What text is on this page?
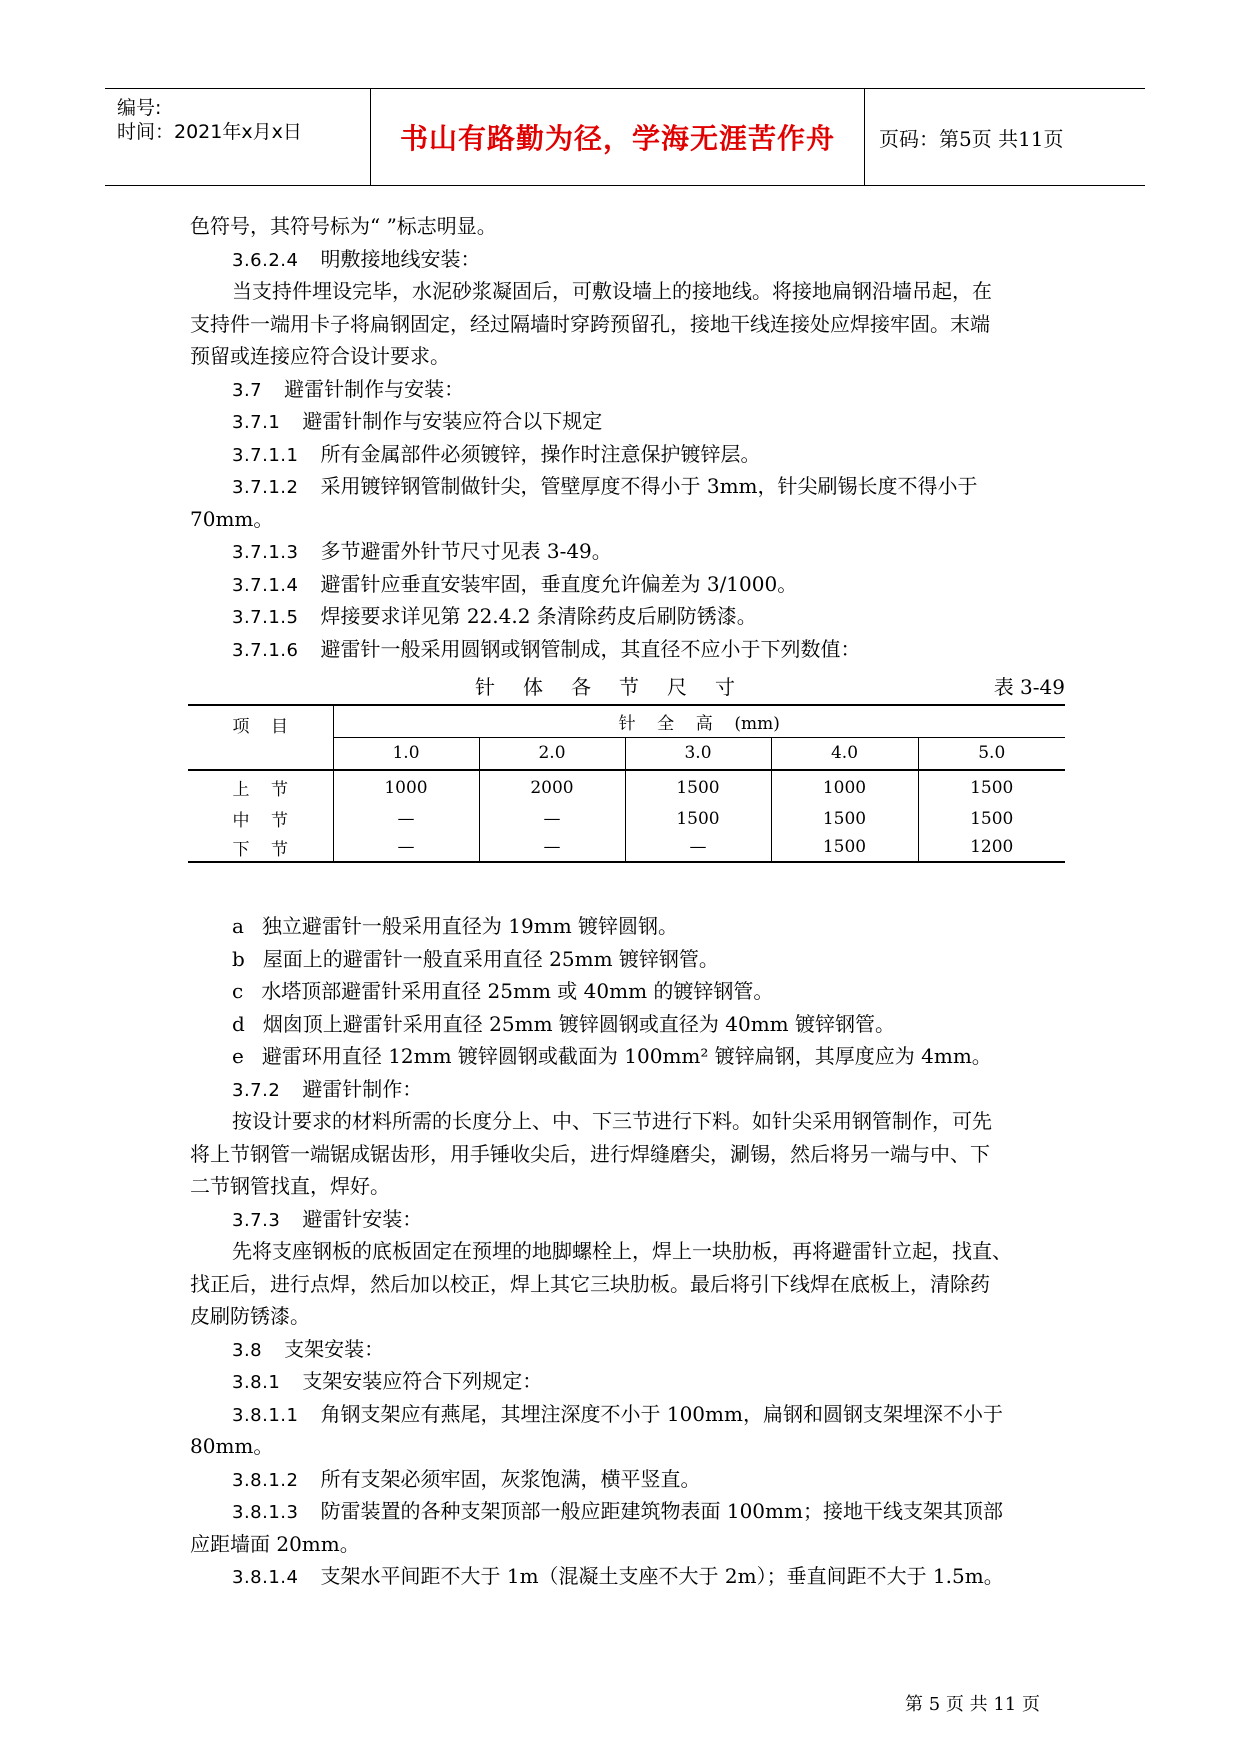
编号:
时间：2021年x月x日	书山有路勤为径，学海无涯苦作舟	页码：第5页 共11页
色符号，其符号标为“ ”标志明显。
3.6.2.4 明敷接地线安装：
当支持件埋设完毕，水泥砂浆凝固后，可敷设墙上的接地线。将接地扁钢沿墙吊起，在
支持件一端用卡子将扁钢固定，经过隔墙时穿跨预留孔，接地干线连接处应焊接牢固。末端
预留或连接应符合设计要求。
3.7 避雷针制作与安装：
3.7.1 避雷针制作与安装应符合以下规定
3.7.1.1 所有金属部件必须镀锌，操作时注意保护镀锌层。
3.7.1.2 采用镀锌钢管制做针尖，管壁厚度不得小于 3mm，针尖刷锡长度不得小于
70mm。
3.7.1.3 多节避雷外针节尺寸见表 3-49。
3.7.1.4 避雷针应垂直安装牢固，垂直度允许偏差为 3/1000。
3.7.1.5 焊接要求详见第 22.4.2 条清除药皮后刷防锈漆。
3.7.1.6 避雷针一般采用圆钢或钢管制成，其直径不应小于下列数值：
针体各节尺寸	表 3-49
项    目	针    全    高    (mm)				
	1.0	2.0	3.0	4.0	5.0
上    节	1000	2000	1500	1000	1500
中    节	—	—	1500	1500	1500
下    节	—	—	—	1500	1200
a 独立避雷针一般采用直径为 19mm 镀锌圆钢。
b 屋面上的避雷针一般直采用直径 25mm 镀锌钢管。
c 水塔顶部避雷针采用直径 25mm 或 40mm 的镀锌钢管。
d 烟囱顶上避雷针采用直径 25mm 镀锌圆钢或直径为 40mm 镀锌钢管。
e 避雷环用直径 12mm 镀锌圆钢或截面为 100mm² 镀锌扁钢，其厚度应为 4mm。
3.7.2 避雷针制作：
按设计要求的材料所需的长度分上、中、下三节进行下料。如针尖采用钢管制作，可先
将上节钢管一端锯成锯齿形，用手锤收尖后，进行焊缝磨尖，涮锡，然后将另一端与中、下
二节钢管找直，焊好。
3.7.3 避雷针安装：
先将支座钢板的底板固定在预埋的地脚螺栓上，焊上一块肋板，再将避雷针立起，找直、
找正后，进行点焊，然后加以校正，焊上其它三块肋板。最后将引下线焊在底板上，清除药
皮刷防锈漆。
3.8 支架安装：
3.8.1 支架安装应符合下列规定：
3.8.1.1 角钢支架应有燕尾，其埋注深度不小于 100mm，扁钢和圆钢支架埋深不小于
80mm。
3.8.1.2 所有支架必须牢固，灰浆饱满，横平竖直。
3.8.1.3 防雷装置的各种支架顶部一般应距建筑物表面 100mm；接地干线支架其顶部
应距墙面 20mm。
3.8.1.4 支架水平间距不大于 1m（混凝土支座不大于 2m）；垂直间距不大于 1.5m。
第 5 页 共 11 页
